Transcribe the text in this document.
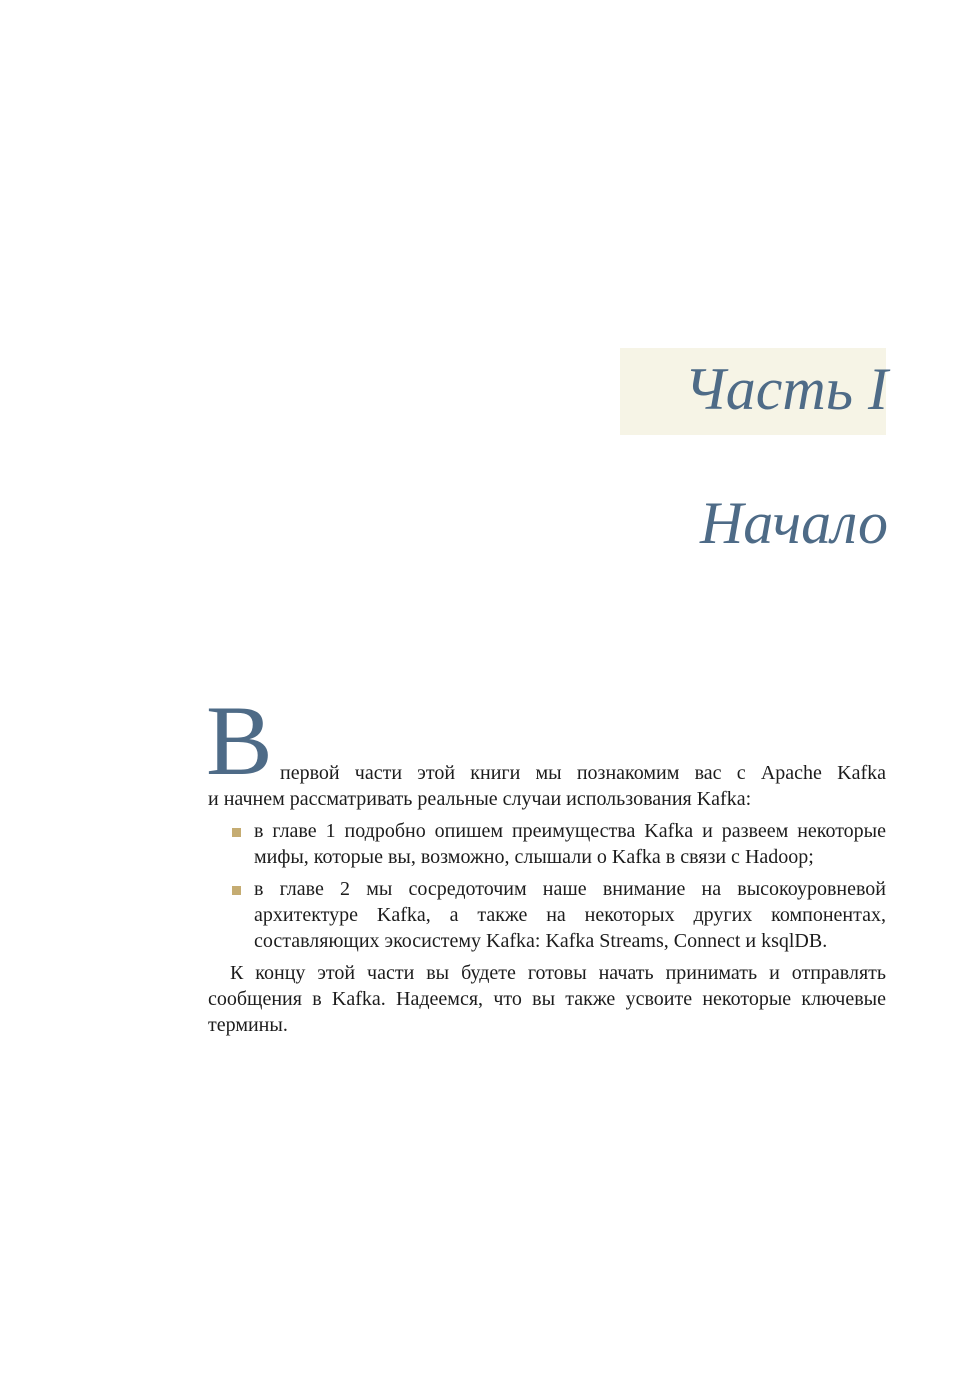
Часть I
Начало
В первой части этой книги мы познакомим вас с Apache Kafka
и начнем рассматривать реальные случаи использования Kafka:
в главе 1 подробно опишем преимущества Kafka и развеем некоторые мифы, которые вы, возможно, слышали о Kafka в связи с Hadoop;
в главе 2 мы сосредоточим наше внимание на высокоуровневой архитектуре Kafka, а также на некоторых других компонентах, составляющих экосистему Kafka: Kafka Streams, Connect и ksqlDB.

К концу этой части вы будете готовы начать принимать и отправлять сообщения в Kafka. Надеемся, что вы также усвоите некоторые ключевые термины.
